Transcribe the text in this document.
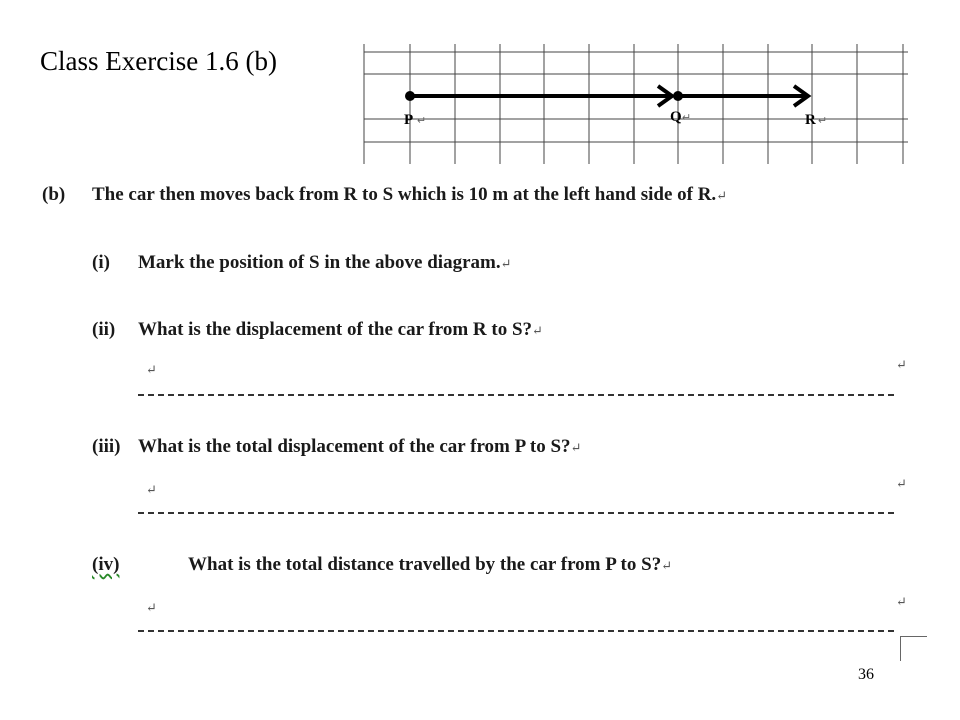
Class Exercise 1.6 (b)
P	Q	R
↵	↵	↵
(b) The car then moves back from R to S which is 10 m at the left hand side of R.↵
(i) Mark the position of S in the above diagram.↵
(ii) What is the displacement of the car from R to S?↵
↵	↵
(iii) What is the total displacement of the car from P to S?↵
↵	↵
(iv)	What is the total distance travelled by the car from P to S?↵
↵	↵
36
